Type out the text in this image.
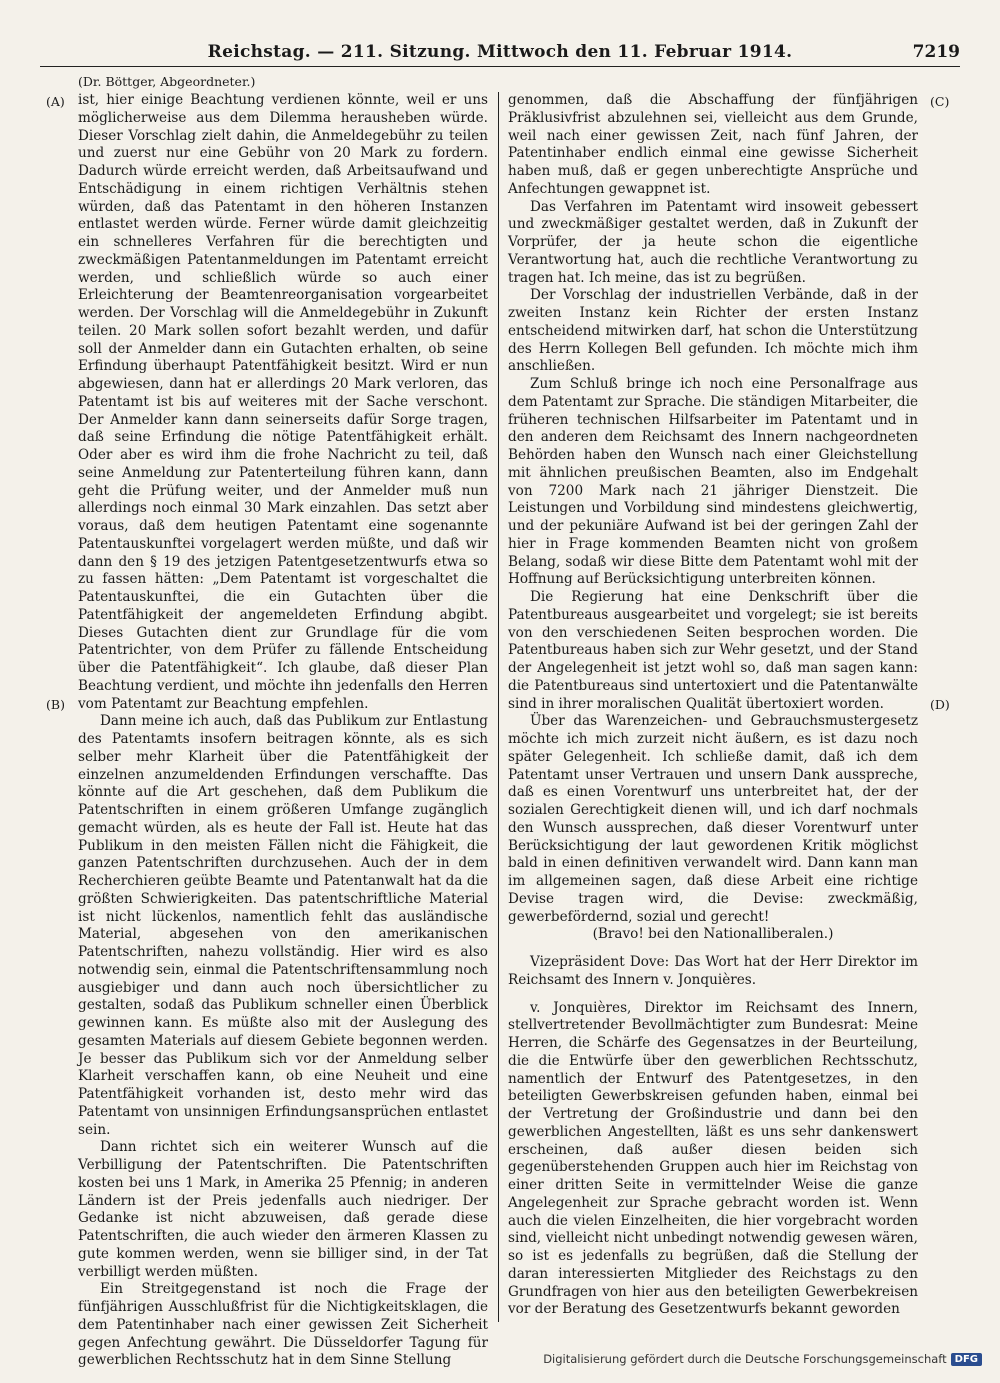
Reichstag. — 211. Sitzung. Mittwoch den 11. Februar 1914.	7219
(Dr. Böttger, Abgeordneter.)
(A)
(B)
(C)
(D)

ist, hier einige Beachtung verdienen könnte, weil er uns möglicherweise aus dem Dilemma herausheben würde. Dieser Vorschlag zielt dahin, die Anmeldegebühr zu teilen und zuerst nur eine Gebühr von 20 Mark zu fordern. Dadurch würde erreicht werden, daß Arbeitsaufwand und Entschädigung in einem richtigen Verhältnis stehen würden, daß das Patentamt in den höheren Instanzen entlastet werden würde. Ferner würde damit gleichzeitig ein schnelleres Verfahren für die berechtigten und zweckmäßigen Patentanmeldungen im Patentamt erreicht werden, und schließlich würde so auch einer Erleichterung der Beamtenreorganisation vorgearbeitet werden. Der Vorschlag will die Anmeldegebühr in Zukunft teilen. 20 Mark sollen sofort bezahlt werden, und dafür soll der Anmelder dann ein Gutachten erhalten, ob seine Erfindung überhaupt Patentfähigkeit besitzt. Wird er nun abgewiesen, dann hat er allerdings 20 Mark verloren, das Patentamt ist bis auf weiteres mit der Sache verschont. Der Anmelder kann dann seinerseits dafür Sorge tragen, daß seine Erfindung die nötige Patentfähigkeit erhält. Oder aber es wird ihm die frohe Nachricht zu teil, daß seine Anmeldung zur Patenterteilung führen kann, dann geht die Prüfung weiter, und der Anmelder muß nun allerdings noch einmal 30 Mark einzahlen. Das setzt aber voraus, daß dem heutigen Patentamt eine sogenannte Patentauskunftei vorgelagert werden müßte, und daß wir dann den § 19 des jetzigen Patentgesetzentwurfs etwa so zu fassen hätten: „Dem Patentamt ist vorgeschaltet die Patentauskunftei, die ein Gutachten über die Patentfähigkeit der angemeldeten Erfindung abgibt. Dieses Gutachten dient zur Grundlage für die vom Patentrichter, von dem Prüfer zu fällende Entscheidung über die Patentfähigkeit“. Ich glaube, daß dieser Plan Beachtung verdient, und möchte ihn jedenfalls den Herren vom Patentamt zur Beachtung empfehlen.

Dann meine ich auch, daß das Publikum zur Entlastung des Patentamts insofern beitragen könnte, als es sich selber mehr Klarheit über die Patentfähigkeit der einzelnen anzumeldenden Erfindungen verschaffte. Das könnte auf die Art geschehen, daß dem Publikum die Patentschriften in einem größeren Umfange zugänglich gemacht würden, als es heute der Fall ist. Heute hat das Publikum in den meisten Fällen nicht die Fähigkeit, die ganzen Patentschriften durchzusehen. Auch der in dem Recherchieren geübte Beamte und Patentanwalt hat da die größten Schwierigkeiten. Das patentschriftliche Material ist nicht lückenlos, namentlich fehlt das ausländische Material, abgesehen von den amerikanischen Patentschriften, nahezu vollständig. Hier wird es also notwendig sein, einmal die Patentschriftensammlung noch ausgiebiger und dann auch noch übersichtlicher zu gestalten, sodaß das Publikum schneller einen Überblick gewinnen kann. Es müßte also mit der Auslegung des gesamten Materials auf diesem Gebiete begonnen werden. Je besser das Publikum sich vor der Anmeldung selber Klarheit verschaffen kann, ob eine Neuheit und eine Patentfähigkeit vorhanden ist, desto mehr wird das Patentamt von unsinnigen Erfindungsansprüchen entlastet sein.

Dann richtet sich ein weiterer Wunsch auf die Verbilligung der Patentschriften. Die Patentschriften kosten bei uns 1 Mark, in Amerika 25 Pfennig; in anderen Ländern ist der Preis jedenfalls auch niedriger. Der Gedanke ist nicht abzuweisen, daß gerade diese Patentschriften, die auch wieder den ärmeren Klassen zu gute kommen werden, wenn sie billiger sind, in der Tat verbilligt werden müßten.

Ein Streitgegenstand ist noch die Frage der fünfjährigen Ausschlußfrist für die Nichtigkeitsklagen, die dem Patentinhaber nach einer gewissen Zeit Sicherheit gegen Anfechtung gewährt. Die Düsseldorfer Tagung für gewerblichen Rechtsschutz hat in dem Sinne Stellung

genommen, daß die Abschaffung der fünfjährigen Präklusivfrist abzulehnen sei, vielleicht aus dem Grunde, weil nach einer gewissen Zeit, nach fünf Jahren, der Patentinhaber endlich einmal eine gewisse Sicherheit haben muß, daß er gegen unberechtigte Ansprüche und Anfechtungen gewappnet ist.

Das Verfahren im Patentamt wird insoweit gebessert und zweckmäßiger gestaltet werden, daß in Zukunft der Vorprüfer, der ja heute schon die eigentliche Verantwortung hat, auch die rechtliche Verantwortung zu tragen hat. Ich meine, das ist zu begrüßen.

Der Vorschlag der industriellen Verbände, daß in der zweiten Instanz kein Richter der ersten Instanz entscheidend mitwirken darf, hat schon die Unterstützung des Herrn Kollegen Bell gefunden. Ich möchte mich ihm anschließen.

Zum Schluß bringe ich noch eine Personalfrage aus dem Patentamt zur Sprache. Die ständigen Mitarbeiter, die früheren technischen Hilfsarbeiter im Patentamt und in den anderen dem Reichsamt des Innern nachgeordneten Behörden haben den Wunsch nach einer Gleichstellung mit ähnlichen preußischen Beamten, also im Endgehalt von 7200 Mark nach 21 jähriger Dienstzeit. Die Leistungen und Vorbildung sind mindestens gleichwertig, und der pekuniäre Aufwand ist bei der geringen Zahl der hier in Frage kommenden Beamten nicht von großem Belang, sodaß wir diese Bitte dem Patentamt wohl mit der Hoffnung auf Berücksichtigung unterbreiten können.

Die Regierung hat eine Denkschrift über die Patentbureaus ausgearbeitet und vorgelegt; sie ist bereits von den verschiedenen Seiten besprochen worden. Die Patentbureaus haben sich zur Wehr gesetzt, und der Stand der Angelegenheit ist jetzt wohl so, daß man sagen kann: die Patentbureaus sind untertoxiert und die Patentanwälte sind in ihrer moralischen Qualität übertoxiert worden.

Über das Warenzeichen- und Gebrauchsmustergesetz möchte ich mich zurzeit nicht äußern, es ist dazu noch später Gelegenheit. Ich schließe damit, daß ich dem Patentamt unser Vertrauen und unsern Dank ausspreche, daß es einen Vorentwurf uns unterbreitet hat, der der sozialen Gerechtigkeit dienen will, und ich darf nochmals den Wunsch aussprechen, daß dieser Vorentwurf unter Berücksichtigung der laut gewordenen Kritik möglichst bald in einen definitiven verwandelt wird. Dann kann man im allgemeinen sagen, daß diese Arbeit eine richtige Devise tragen wird, die Devise: zweckmäßig, gewerbefördernd, sozial und gerecht!

(Bravo! bei den Nationalliberalen.)

Vizepräsident Dove: Das Wort hat der Herr Direktor im Reichsamt des Innern v. Jonquières.

v. Jonquières, Direktor im Reichsamt des Innern, stellvertretender Bevollmächtigter zum Bundesrat: Meine Herren, die Schärfe des Gegensatzes in der Beurteilung, die die Entwürfe über den gewerblichen Rechtsschutz, namentlich der Entwurf des Patentgesetzes, in den beteiligten Gewerbskreisen gefunden haben, einmal bei der Vertretung der Großindustrie und dann bei den gewerblichen Angestellten, läßt es uns sehr dankenswert erscheinen, daß außer diesen beiden sich gegenüberstehenden Gruppen auch hier im Reichstag von einer dritten Seite in vermittelnder Weise die ganze Angelegenheit zur Sprache gebracht worden ist. Wenn auch die vielen Einzelheiten, die hier vorgebracht worden sind, vielleicht nicht unbedingt notwendig gewesen wären, so ist es jedenfalls zu begrüßen, daß die Stellung der daran interessierten Mitglieder des Reichstags zu den Grundfragen von hier aus den beteiligten Gewerbekreisen vor der Beratung des Gesetzentwurfs bekannt geworden

Digitalisierung gefördert durch die Deutsche Forschungsgemeinschaft DFG
